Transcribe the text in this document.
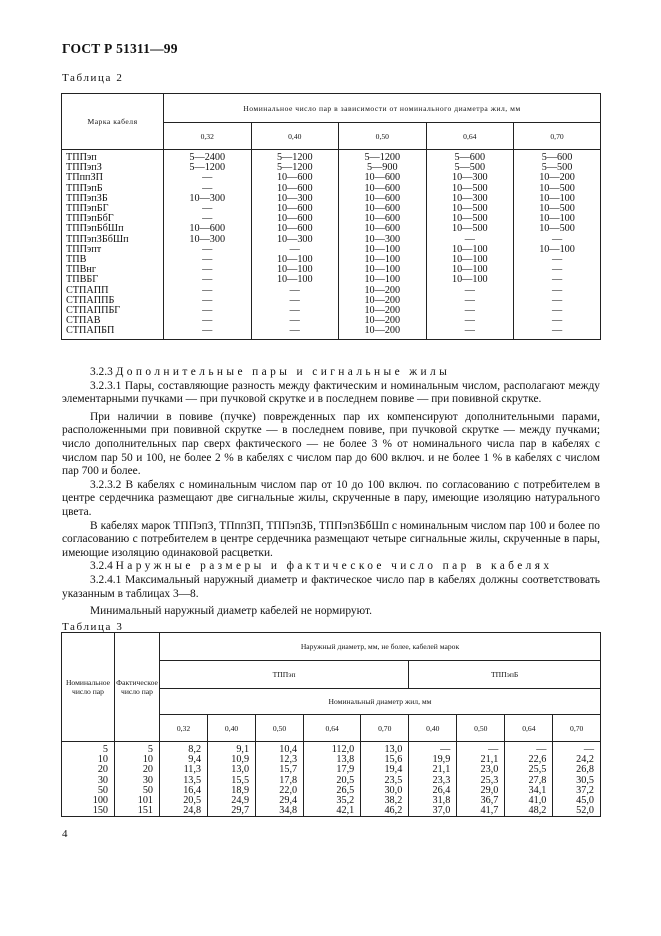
ГОСТ Р 51311—99
Таблица 2
Марка кабеля	Номинальное число пар в зависимости от номинального диаметра жил, мм				
	0,32	0,40	0,50	0,64	0,70
ТППэп	5—2400	5—1200	5—1200	5—600	5—600
ТППэпЗ	5—1200	5—1200	5—900	5—500	5—500
ТПппЗП	—	10—600	10—600	10—300	10—200
ТППэпБ	—	10—600	10—600	10—500	10—500
ТППэпЗБ	10—300	10—300	10—600	10—300	10—100
ТППэпБГ	—	10—600	10—600	10—500	10—500
ТППэпБбГ	—	10—600	10—600	10—500	10—100
ТППэпБбШп	10—600	10—600	10—600	10—500	10—500
ТППэпЗБбШп	10—300	10—300	10—300	—	—
ТППэпт	—	—	10—100	10—100	10—100
ТПВ	—	10—100	10—100	10—100	—
ТПВнг	—	10—100	10—100	10—100	—
ТПВБГ	—	10—100	10—100	10—100	—
СТПАПП	—	—	10—200	—	—
СТПАППБ	—	—	10—200	—	—
СТПАППБГ	—	—	10—200	—	—
СТПАВ	—	—	10—200	—	—
СТПАПБП	—	—	10—200	—	—

3.2.3 Дополнительные пары и сигнальные жилы

3.2.3.1 Пары, составляющие разность между фактическим и номинальным числом, располагают между элементарными пучками — при пучковой скрутке и в последнем повиве — при повивной скрутке.

При наличии в повиве (пучке) поврежденных пар их компенсируют дополнительными парами, расположенными при повивной скрутке — в последнем повиве, при пучковой скрутке — между пучками; число дополнительных пар сверх фактического — не более 3 % от номинального числа пар в кабелях с числом пар 50 и 100, не более 2 % в кабелях с числом пар до 600 включ. и не более 1 % в кабелях с числом пар 700 и более.

3.2.3.2 В кабелях с номинальным числом пар от 10 до 100 включ. по согласованию с потребителем в центре сердечника размещают две сигнальные жилы, скрученные в пару, имеющие изоляцию натурального цвета.

В кабелях марок ТППэпЗ, ТПппЗП, ТППэпЗБ, ТППэпЗБбШп с номинальным числом пар 100 и более по согласованию с потребителем в центре сердечника размещают четыре сигнальные жилы, скрученные в пары, имеющие изоляцию одинаковой расцветки.

3.2.4 Наружные размеры и фактическое число пар в кабелях

3.2.4.1 Максимальный наружный диаметр и фактическое число пар в кабелях должны соответствовать указанным в таблицах 3—8.

Минимальный наружный диаметр кабелей не нормируют.

Таблица 3
Номинальное число пар	Фактическое число пар	Наружный диаметр, мм, не более, кабелей марок								
		ТППэп					ТППэпБ			
		Номинальный диаметр жил, мм								
		0,32	0,40	0,50	0,64	0,70	0,40	0,50	0,64	0,70
5	5	8,2	9,1	10,4	112,0	13,0	—	—	—	—
10	10	9,4	10,9	12,3	13,8	15,6	19,9	21,1	22,6	24,2
20	20	11,3	13,0	15,7	17,9	19,4	21,1	23,0	25,5	26,8
30	30	13,5	15,5	17,8	20,5	23,5	23,3	25,3	27,8	30,5
50	50	16,4	18,9	22,0	26,5	30,0	26,4	29,0	34,1	37,2
100	101	20,5	24,9	29,4	35,2	38,2	31,8	36,7	41,0	45,0
150	151	24,8	29,7	34,8	42,1	46,2	37,0	41,7	48,2	52,0
4
